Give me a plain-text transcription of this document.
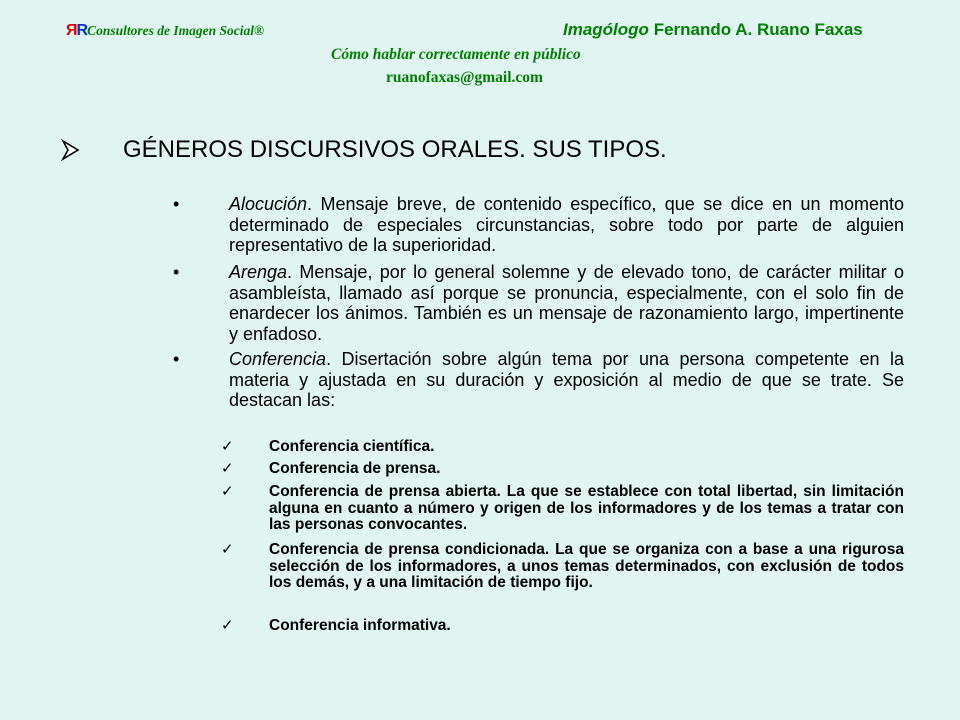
ЯRConsultores de Imagen Social®	Imagólogo Fernando A. Ruano Faxas
Cómo hablar correctamente en público
ruanofaxas@gmail.com
GÉNEROS DISCURSIVOS ORALES. SUS TIPOS.
•	Alocución. Mensaje breve, de contenido específico, que se dice en un momento determinado de especiales circunstancias, sobre todo por parte de alguien representativo de la superioridad.

•	Arenga. Mensaje, por lo general solemne y de elevado tono, de carácter militar o asambleísta, llamado así porque se pronuncia, especialmente, con el solo fin de enardecer los ánimos. También es un mensaje de razonamiento largo, impertinente y enfadoso.

•	Conferencia. Disertación sobre algún tema por una persona competente en la materia y ajustada en su duración y exposición al medio de que se trate. Se destacan las:

✓ Conferencia científica.

✓ Conferencia de prensa.

✓ Conferencia de prensa abierta. La que se establece con total libertad, sin limitación alguna en cuanto a número y origen de los informadores y de los temas a tratar con las personas convocantes.

✓ Conferencia de prensa condicionada. La que se organiza con a base a una rigurosa selección de los informadores, a unos temas determinados, con exclusión de todos los demás, y a una limitación de tiempo fijo.

✓ Conferencia informativa.
